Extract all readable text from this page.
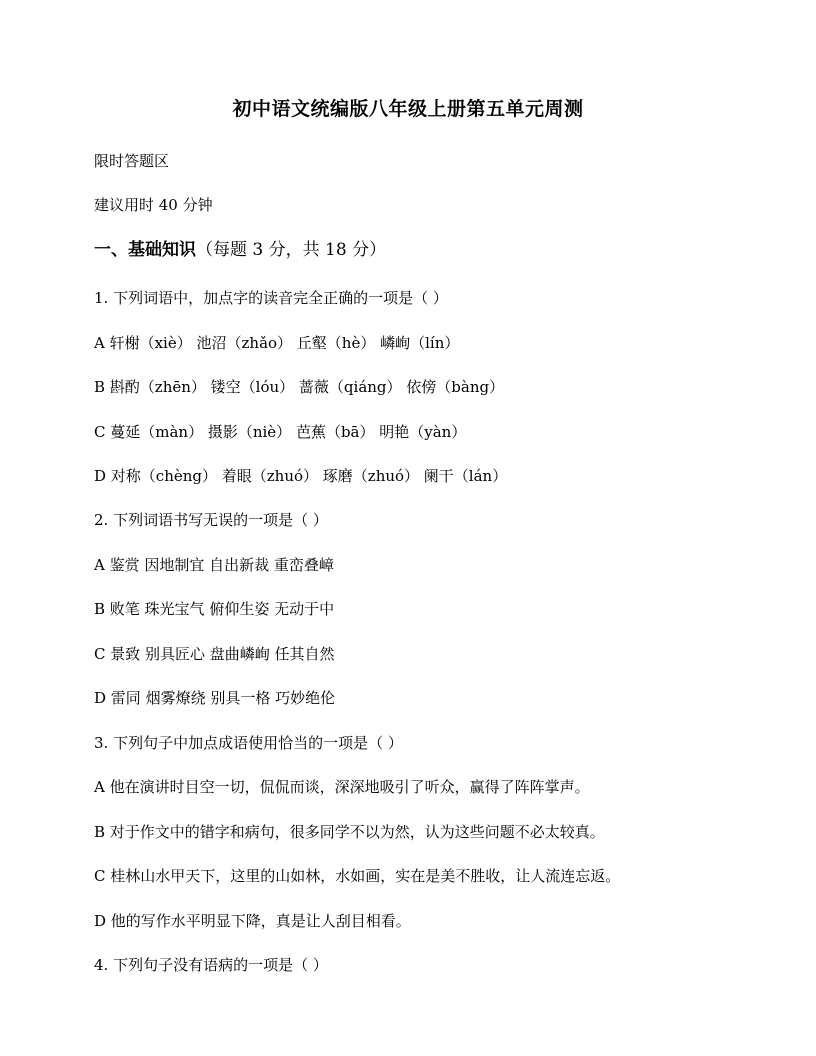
初中语文统编版八年级上册第五单元周测
限时答题区
建议用时 40 分钟
一、基础知识（每题 3 分，共 18 分）
1. 下列词语中，加点字的读音完全正确的一项是（ ）
A 轩榭（xiè） 池沼（zhǎo） 丘壑（hè） 嶙峋（lín）
B 斟酌（zhēn） 镂空（lóu） 蔷薇（qiáng） 依傍（bàng）
C 蔓延（màn） 摄影（niè） 芭蕉（bā） 明艳（yàn）
D 对称（chèng） 着眼（zhuó） 琢磨（zhuó） 阑干（lán）
2. 下列词语书写无误的一项是（ ）
A 鉴赏 因地制宜 自出新裁 重峦叠嶂
B 败笔 珠光宝气 俯仰生姿 无动于中
C 景致 别具匠心 盘曲嶙峋 任其自然
D 雷同 烟雾燎绕 别具一格 巧妙绝伦
3. 下列句子中加点成语使用恰当的一项是（ ）
A 他在演讲时目空一切，侃侃而谈，深深地吸引了听众，赢得了阵阵掌声。
B 对于作文中的错字和病句，很多同学不以为然，认为这些问题不必太较真。
C 桂林山水甲天下，这里的山如林，水如画，实在是美不胜收，让人流连忘返。
D 他的写作水平明显下降，真是让人刮目相看。
4. 下列句子没有语病的一项是（ ）
